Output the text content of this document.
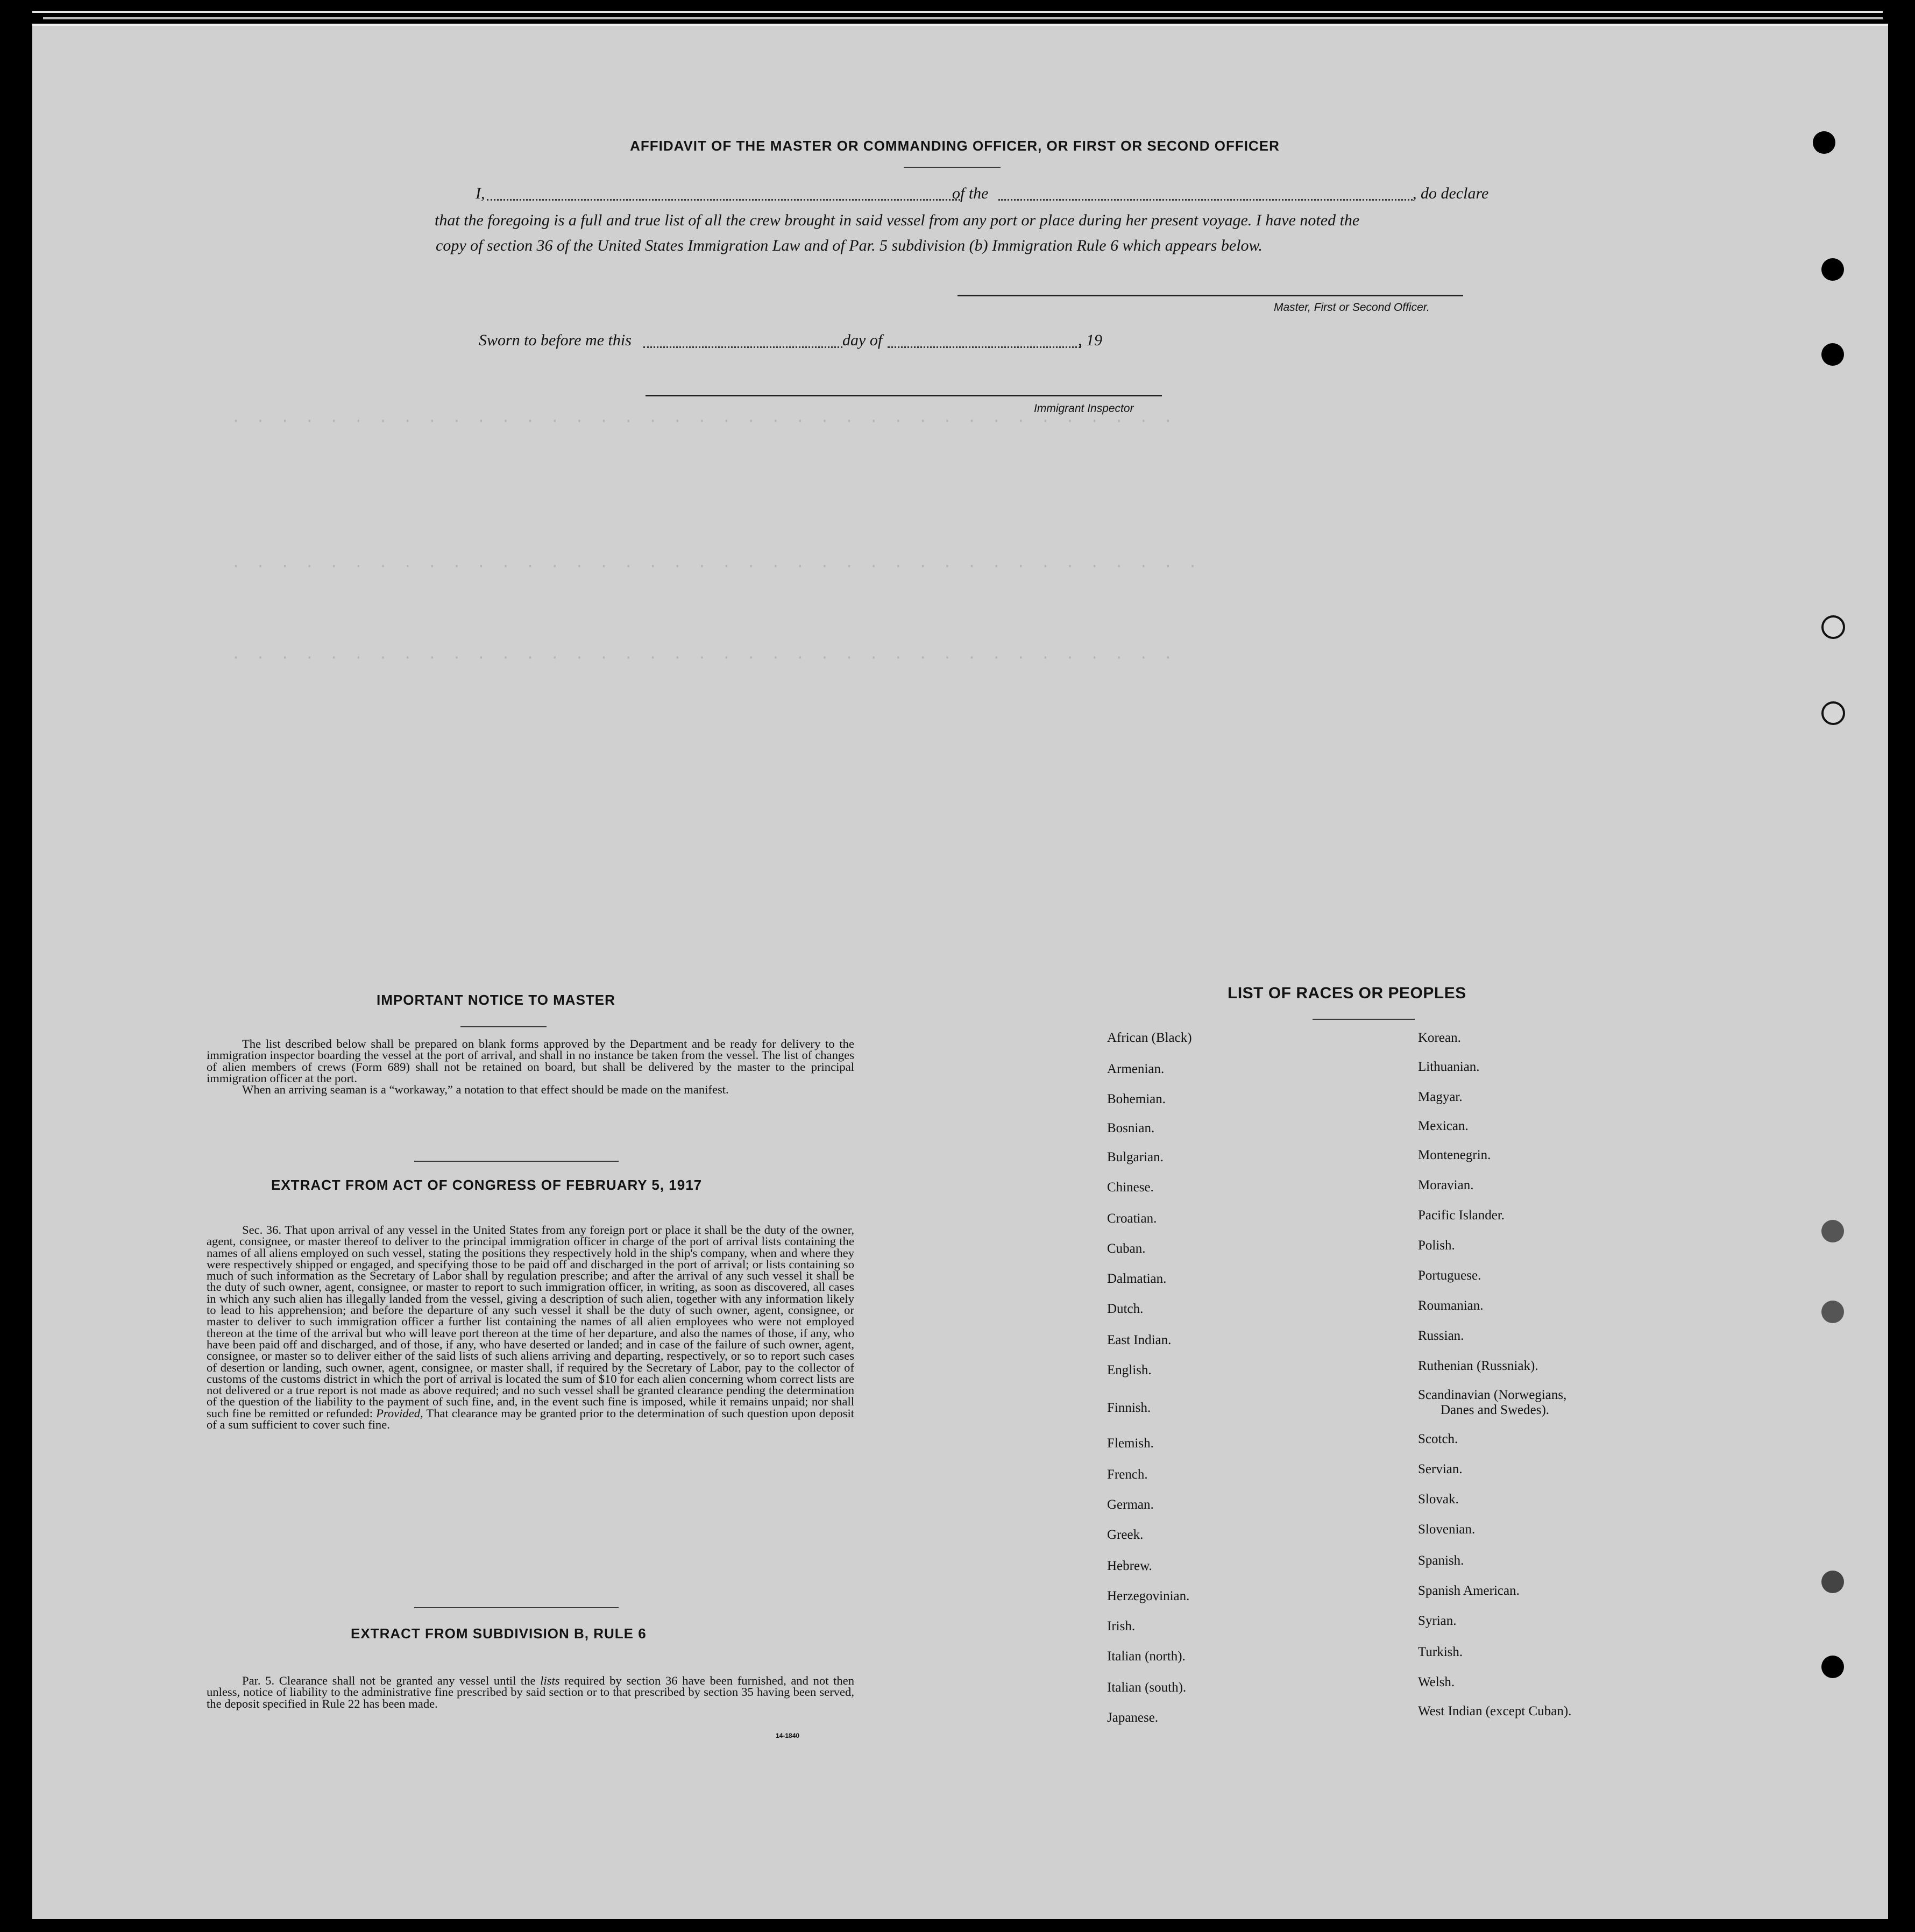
· · · · · · · · · · · · · · · · · · · · · · · · · · · · · · · · · · · · · · ·
· · · · · · · · · · · · · · · · · · · · · · · · · · · · · · · · · · · · · · · ·
· · · · · · · · · · · · · · · · · · · · · · · · · · · · · · · · · · · · · · ·
AFFIDAVIT OF THE MASTER OR COMMANDING OFFICER, OR FIRST OR SECOND OFFICER
I,	of the	, do declare
that the foregoing is a full and true list of all the crew brought in said vessel from any port or place during her present voyage. I have noted the
copy of section 36 of the United States Immigration Law and of Par. 5 subdivision (b) Immigration Rule 6 which appears below.
Master, First or Second Officer.
Sworn to before me this	day of	, 19
Immigrant Inspector
IMPORTANT NOTICE TO MASTER

The list described below shall be prepared on blank forms approved by the Department and be ready for delivery to the immigration inspector boarding the vessel at the port of arrival, and shall in no instance be taken from the vessel. The list of changes of alien members of crews (Form 689) shall not be retained on board, but shall be delivered by the master to the principal immigration officer at the port.

When an arriving seaman is a “workaway,” a notation to that effect should be made on the manifest.

EXTRACT FROM ACT OF CONGRESS OF FEBRUARY 5, 1917

Sec. 36. That upon arrival of any vessel in the United States from any foreign port or place it shall be the duty of the owner, agent, consignee, or master thereof to deliver to the principal immigration officer in charge of the port of arrival lists containing the names of all aliens employed on such vessel, stating the positions they respectively hold in the ship's company, when and where they were respectively shipped or engaged, and specifying those to be paid off and discharged in the port of arrival; or lists containing so much of such information as the Secretary of Labor shall by regulation prescribe; and after the arrival of any such vessel it shall be the duty of such owner, agent, consignee, or master to report to such immigration officer, in writing, as soon as discovered, all cases in which any such alien has illegally landed from the vessel, giving a description of such alien, together with any information likely to lead to his apprehension; and before the departure of any such vessel it shall be the duty of such owner, agent, consignee, or master to deliver to such immigration officer a further list containing the names of all alien employees who were not employed thereon at the time of the arrival but who will leave port thereon at the time of her departure, and also the names of those, if any, who have been paid off and discharged, and of those, if any, who have deserted or landed; and in case of the failure of such owner, agent, consignee, or master so to deliver either of the said lists of such aliens arriving and departing, respectively, or so to report such cases of desertion or landing, such owner, agent, consignee, or master shall, if required by the Secretary of Labor, pay to the collector of customs of the customs district in which the port of arrival is located the sum of $10 for each alien concerning whom correct lists are not delivered or a true report is not made as above required; and no such vessel shall be granted clearance pending the determination of the question of the liability to the payment of such fine, and, in the event such fine is imposed, while it remains unpaid; nor shall such fine be remitted or refunded: Provided, That clearance may be granted prior to the determination of such question upon deposit of a sum sufficient to cover such fine.

EXTRACT FROM SUBDIVISION B, RULE 6

Par. 5. Clearance shall not be granted any vessel until the lists required by section 36 have been furnished, and not then unless, notice of liability to the administrative fine prescribed by said section or to that prescribed by section 35 having been served, the deposit specified in Rule 22 has been made.

14-1840
LIST OF RACES OR PEOPLES
African (Black)
Armenian.
Bohemian.
Bosnian.
Bulgarian.
Chinese.
Croatian.
Cuban.
Dalmatian.
Dutch.
East Indian.
English.
Finnish.
Flemish.
French.
German.
Greek.
Hebrew.
Herzegovinian.
Irish.
Italian (north).
Italian (south).
Japanese.
Korean.
Lithuanian.
Magyar.
Mexican.
Montenegrin.
Moravian.
Pacific Islander.
Polish.
Portuguese.
Roumanian.
Russian.
Ruthenian (Russniak).
Scandinavian (Norwegians,
Danes and Swedes).
Scotch.
Servian.
Slovak.
Slovenian.
Spanish.
Spanish American.
Syrian.
Turkish.
Welsh.
West Indian (except Cuban).
